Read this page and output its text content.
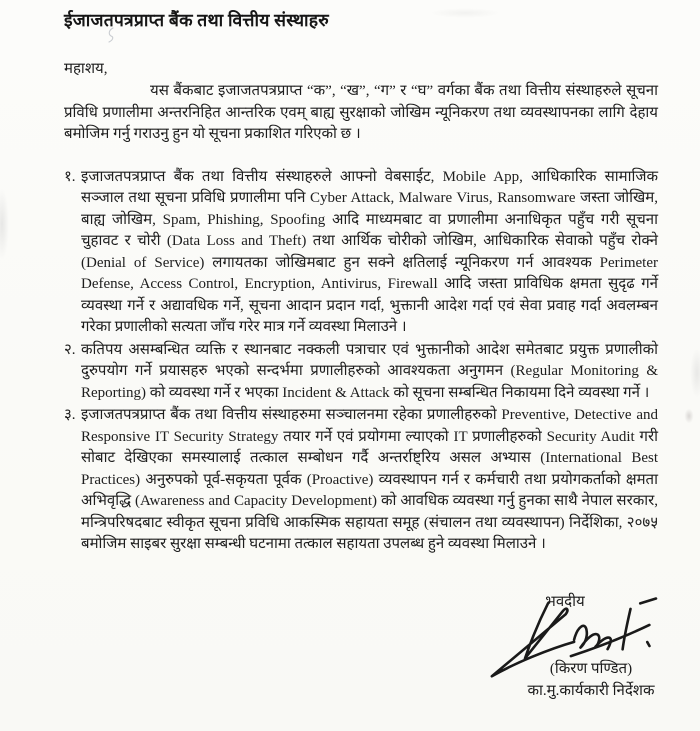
ईजाजतपत्रप्राप्त बैंक तथा वित्तीय संस्थाहरु
महाशय,

यस बैंकबाट इजाजतपत्रप्राप्त “क”, “ख”, “ग” र “घ” वर्गका बैंक तथा वित्तीय संस्थाहरुले सूचना प्रविधि प्रणालीमा अन्तरनिहित आन्तरिक एवम् बाह्य सुरक्षाको जोखिम न्यूनिकरण तथा व्यवस्थापनका लागि देहाय बमोजिम गर्नु गराउनु हुन यो सूचना प्रकाशित गरिएको छ ।

१. इजाजतपत्रप्राप्त बैंक तथा वित्तीय संस्थाहरुले आफ्नो वेबसाईट, Mobile App, आधिकारिक सामाजिक सञ्जाल तथा सूचना प्रविधि प्रणालीमा पनि Cyber Attack, Malware Virus, Ransomware जस्ता जोखिम, बाह्य जोखिम, Spam, Phishing, Spoofing आदि माध्यमबाट वा प्रणालीमा अनाधिकृत पहुँच गरी सूचना चुहावट र चोरी (Data Loss and Theft) तथा आर्थिक चोरीको जोखिम, आधिकारिक सेवाको पहुँच रोक्ने (Denial of Service) लगायतका जोखिमबाट हुन सक्ने क्षतिलाई न्यूनिकरण गर्न आवश्यक Perimeter Defense, Access Control, Encryption, Antivirus, Firewall आदि जस्ता प्राविधिक क्षमता सुदृढ गर्ने व्यवस्था गर्ने र अद्यावधिक गर्ने, सूचना आदान प्रदान गर्दा, भुक्तानी आदेश गर्दा एवं सेवा प्रवाह गर्दा अवलम्बन गरेका प्रणालीको सत्यता जाँच गरेर मात्र गर्ने व्यवस्था मिलाउने ।
२. कतिपय असम्बन्धित व्यक्ति र स्थानबाट नक्कली पत्राचार एवं भुक्तानीको आदेश समेतबाट प्रयुक्त प्रणालीको दुरुपयोग गर्ने प्रयासहरु भएको सन्दर्भमा प्रणालीहरुको आवश्यकता अनुगमन (Regular Monitoring & Reporting) को व्यवस्था गर्ने र भएका Incident & Attack को सूचना सम्बन्धित निकायमा दिने व्यवस्था गर्ने ।
३. इजाजतपत्रप्राप्त बैंक तथा वित्तीय संस्थाहरुमा सञ्चालनमा रहेका प्रणालीहरुको Preventive, Detective and Responsive IT Security Strategy तयार गर्ने एवं प्रयोगमा ल्याएको IT प्रणालीहरुको Security Audit गरी सोबाट देखिएका समस्यालाई तत्काल सम्बोधन गर्दै अन्तर्राष्ट्रिय असल अभ्यास (International Best Practices) अनुरुपको पूर्व-सकृयता पूर्वक (Proactive) व्यवस्थापन गर्न र कर्मचारी तथा प्रयोगकर्ताको क्षमता अभिवृद्धि (Awareness and Capacity Development) को आवधिक व्यवस्था गर्नु हुनका साथै नेपाल सरकार, मन्त्रिपरिषदबाट स्वीकृत सूचना प्रविधि आकस्मिक सहायता समूह (संचालन तथा व्यवस्थापन) निर्देशिका, २०७५ बमोजिम साइबर सुरक्षा सम्बन्धी घटनामा तत्काल सहायता उपलब्ध हुने व्यवस्था मिलाउने ।
भवदीय
(किरण पण्डित)
का.मु.कार्यकारी निर्देशक
